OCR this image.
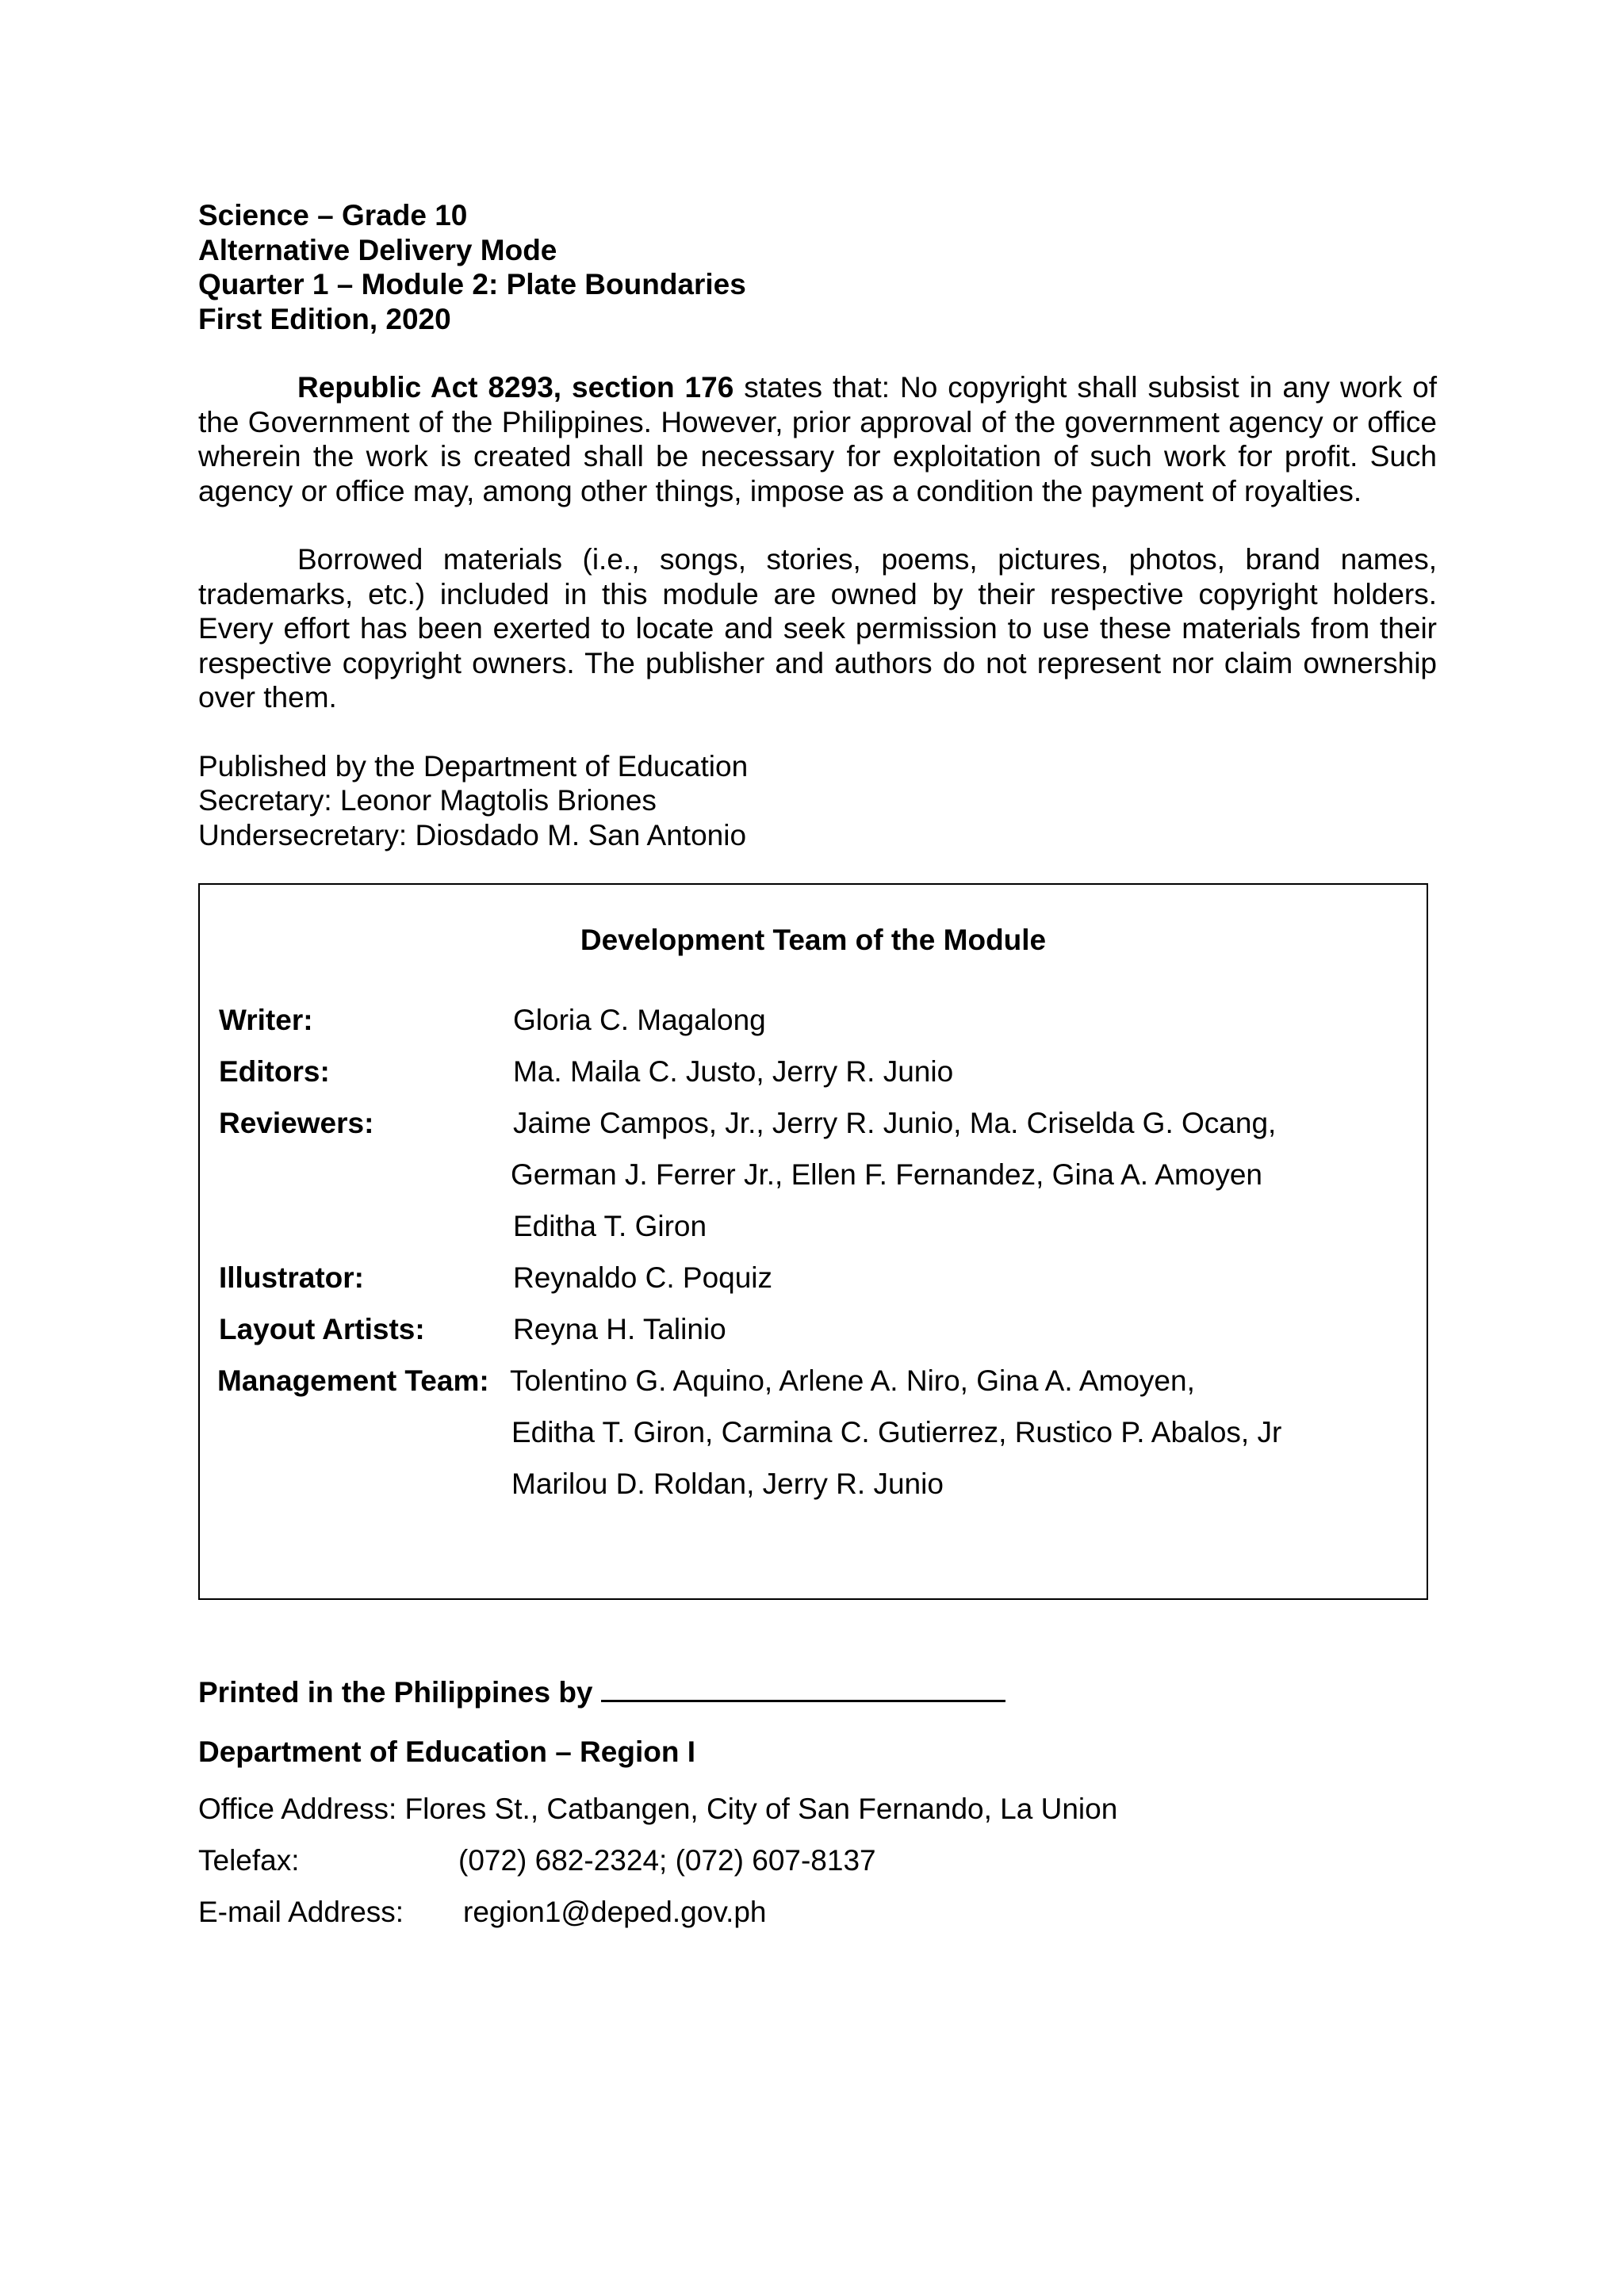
Science – Grade 10
Alternative Delivery Mode
Quarter 1 – Module 2: Plate Boundaries
First Edition, 2020
Republic Act 8293, section 176 states that: No copyright shall subsist in any work of the Government of the Philippines. However, prior approval of the government agency or office wherein the work is created shall be necessary for exploitation of such work for profit. Such agency or office may, among other things, impose as a condition the payment of royalties.
Borrowed materials (i.e., songs, stories, poems, pictures, photos, brand names, trademarks, etc.) included in this module are owned by their respective copyright holders. Every effort has been exerted to locate and seek permission to use these materials from their respective copyright owners. The publisher and authors do not represent nor claim ownership over them.
Published by the Department of Education
Secretary: Leonor Magtolis Briones
Undersecretary: Diosdado M. San Antonio
Development Team of the Module
Writer:	Gloria C. Magalong
Editors:	Ma. Maila C. Justo, Jerry R. Junio
Reviewers:	Jaime Campos, Jr., Jerry R. Junio, Ma. Criselda G. Ocang,
German J. Ferrer Jr., Ellen F. Fernandez, Gina A. Amoyen
Editha T. Giron
Illustrator:	Reynaldo C. Poquiz
Layout Artists:	Reyna H. Talinio
Management Team: Tolentino G. Aquino, Arlene A. Niro, Gina A. Amoyen,
Editha T. Giron, Carmina C. Gutierrez, Rustico P. Abalos, Jr
Marilou D. Roldan, Jerry R. Junio
Printed in the Philippines by
Department of Education – Region I
Office Address: Flores St., Catbangen, City of San Fernando, La Union
Telefax:	(072) 682-2324; (072) 607-8137
E-mail Address:	region1@deped.gov.ph
